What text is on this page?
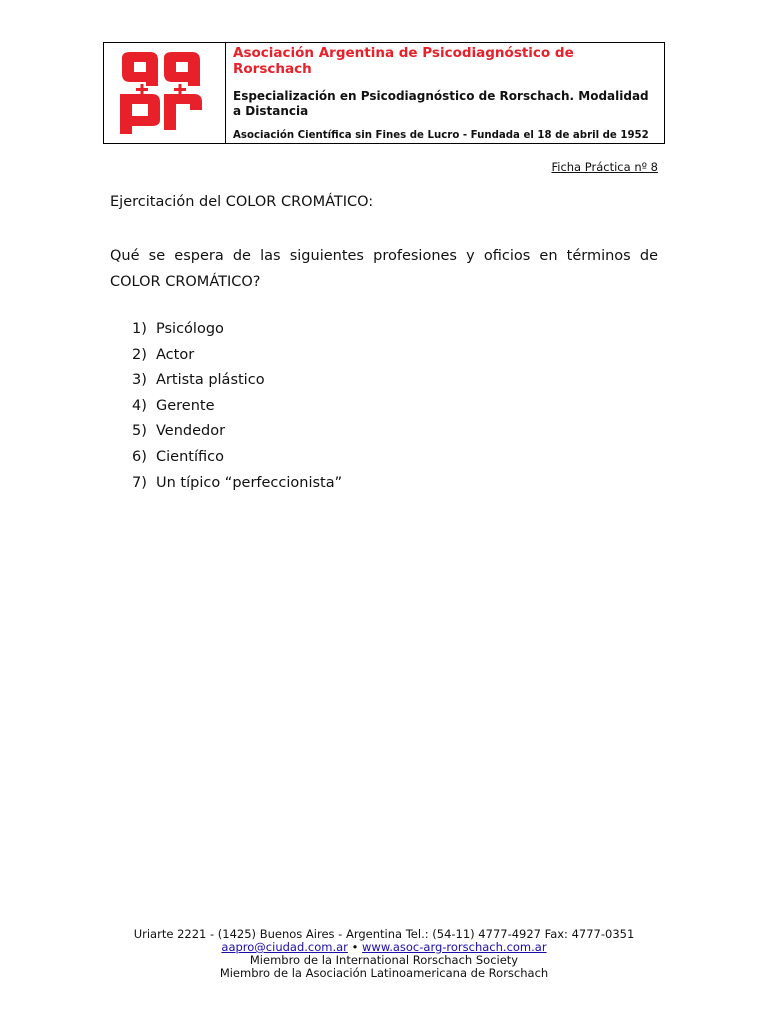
Asociación Argentina de Psicodiagnóstico de Rorschach
Especialización en Psicodiagnóstico de Rorschach. Modalidad a Distancia
Asociación Científica sin Fines de Lucro - Fundada el 18 de abril de 1952
Ficha Práctica nº 8
Ejercitación del COLOR CROMÁTICO:
Qué se espera de las siguientes profesiones y oficios en términos de COLOR CROMÁTICO?
1) Psicólogo
2) Actor
3) Artista plástico
4) Gerente
5) Vendedor
6) Científico
7) Un típico “perfeccionista”
Uriarte 2221 - (1425) Buenos Aires - Argentina Tel.: (54-11) 4777-4927 Fax: 4777-0351
aapro@ciudad.com.ar • www.asoc-arg-rorschach.com.ar
Miembro de la International Rorschach Society
Miembro de la Asociación Latinoamericana de Rorschach
